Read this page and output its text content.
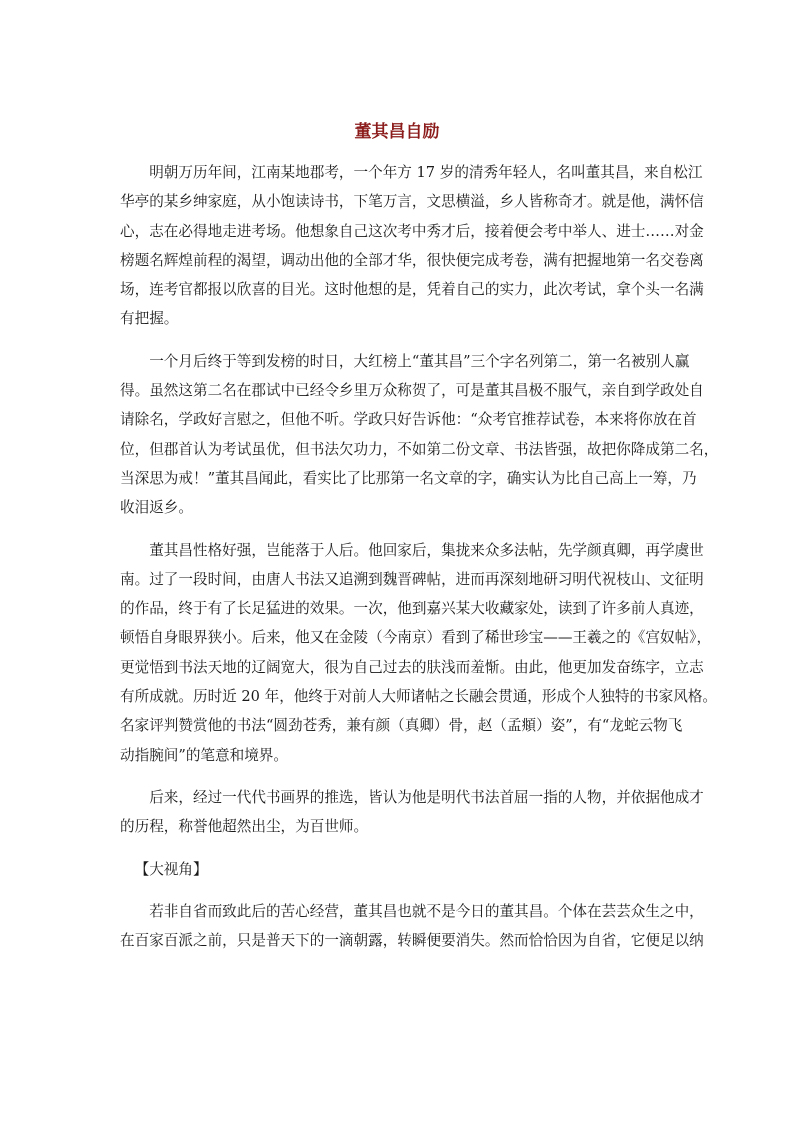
董其昌自励
明朝万历年间，江南某地郡考，一个年方 17 岁的清秀年轻人，名叫董其昌，来自松江
华亭的某乡绅家庭，从小饱读诗书，下笔万言，文思横溢，乡人皆称奇才。就是他，满怀信
心，志在必得地走进考场。他想象自己这次考中秀才后，接着便会考中举人、进士……对金
榜题名辉煌前程的渴望，调动出他的全部才华，很快便完成考卷，满有把握地第一名交卷离
场，连考官都报以欣喜的目光。这时他想的是，凭着自己的实力，此次考试，拿个头一名满
有把握。
一个月后终于等到发榜的时日，大红榜上“董其昌”三个字名列第二，第一名被别人赢
得。虽然这第二名在郡试中已经令乡里万众称贺了，可是董其昌极不服气，亲自到学政处自
请除名，学政好言慰之，但他不听。学政只好告诉他：“众考官推荐试卷，本来将你放在首
位，但郡首认为考试虽优，但书法欠功力，不如第二份文章、书法皆强，故把你降成第二名，
当深思为戒！”董其昌闻此，看实比了比那第一名文章的字，确实认为比自己高上一筹，乃
收泪返乡。
董其昌性格好强，岂能落于人后。他回家后，集拢来众多法帖，先学颜真卿，再学虞世
南。过了一段时间，由唐人书法又追溯到魏晋碑帖，进而再深刻地研习明代祝枝山、文征明
的作品，终于有了长足猛进的效果。一次，他到嘉兴某大收藏家处，读到了许多前人真迹，
顿悟自身眼界狭小。后来，他又在金陵（今南京）看到了稀世珍宝——王羲之的《宫奴帖》，
更觉悟到书法天地的辽阔宽大，很为自己过去的肤浅而羞惭。由此，他更加发奋练字，立志
有所成就。历时近 20 年，他终于对前人大师诸帖之长融会贯通，形成个人独特的书家风格。
名家评判赞赏他的书法“圆劲苍秀，兼有颜（真卿）骨，赵（孟頫）姿”，有“龙蛇云物飞
动指腕间”的笔意和境界。
后来，经过一代代书画界的推选，皆认为他是明代书法首屈一指的人物，并依据他成才
的历程，称誉他超然出尘，为百世师。
【大视角】
若非自省而致此后的苦心经营，董其昌也就不是今日的董其昌。个体在芸芸众生之中，
在百家百派之前，只是普天下的一滴朝露，转瞬便要消失。然而恰恰因为自省，它便足以纳
